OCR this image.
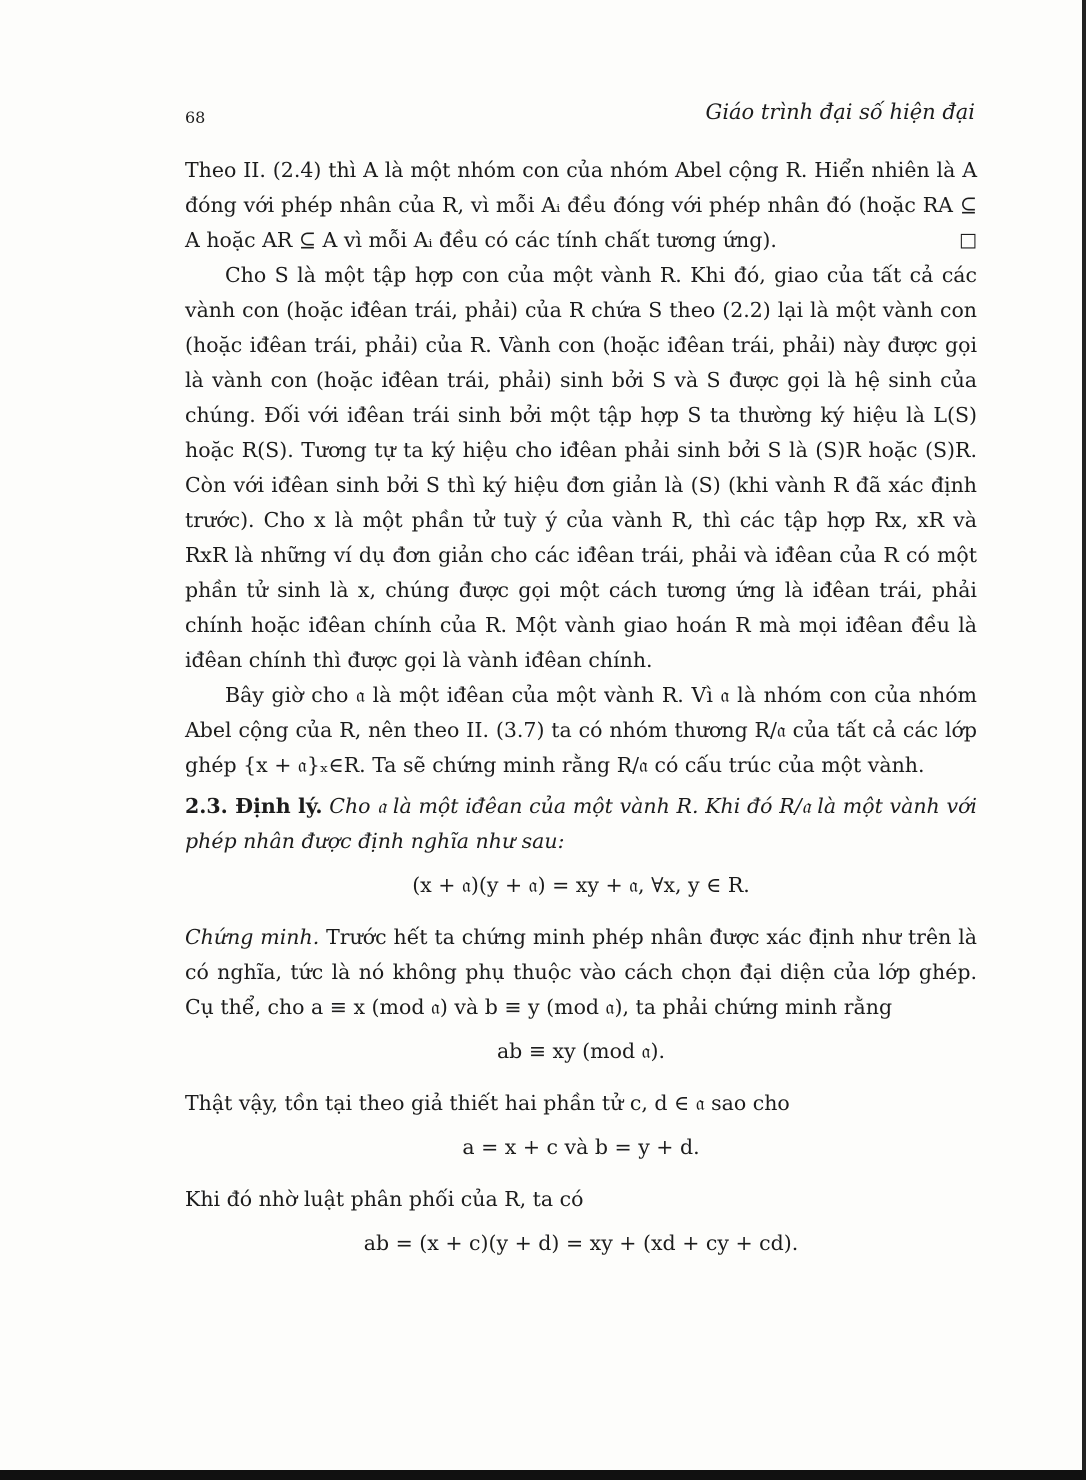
68	Giáo trình đại số hiện đại

Theo II. (2.4) thì A là một nhóm con của nhóm Abel cộng R. Hiển nhiên là A đóng với phép nhân của R, vì mỗi Aᵢ đều đóng với phép nhân đó (hoặc RA ⊆ A hoặc AR ⊆ A vì mỗi Aᵢ đều có các tính chất tương ứng).	□

Cho S là một tập hợp con của một vành R. Khi đó, giao của tất cả các vành con (hoặc iđêan trái, phải) của R chứa S theo (2.2) lại là một vành con (hoặc iđêan trái, phải) của R. Vành con (hoặc iđêan trái, phải) này được gọi là vành con (hoặc iđêan trái, phải) sinh bởi S và S được gọi là hệ sinh của chúng. Đối với iđêan trái sinh bởi một tập hợp S ta thường ký hiệu là L(S) hoặc R(S). Tương tự ta ký hiệu cho iđêan phải sinh bởi S là (S)R hoặc (S)R. Còn với iđêan sinh bởi S thì ký hiệu đơn giản là (S) (khi vành R đã xác định trước). Cho x là một phần tử tuỳ ý của vành R, thì các tập hợp Rx, xR và RxR là những ví dụ đơn giản cho các iđêan trái, phải và iđêan của R có một phần tử sinh là x, chúng được gọi một cách tương ứng là iđêan trái, phải chính hoặc iđêan chính của R. Một vành giao hoán R mà mọi iđêan đều là iđêan chính thì được gọi là vành iđêan chính.

Bây giờ cho 𝔞 là một iđêan của một vành R. Vì 𝔞 là nhóm con của nhóm Abel cộng của R, nên theo II. (3.7) ta có nhóm thương R/𝔞 của tất cả các lớp ghép {x + 𝔞}ₓ∈R. Ta sẽ chứng minh rằng R/𝔞 có cấu trúc của một vành.

2.3. Định lý. Cho 𝔞 là một iđêan của một vành R. Khi đó R/𝔞 là một vành với phép nhân được định nghĩa như sau:

(x + 𝔞)(y + 𝔞) = xy + 𝔞, ∀x, y ∈ R.

Chứng minh. Trước hết ta chứng minh phép nhân được xác định như trên là có nghĩa, tức là nó không phụ thuộc vào cách chọn đại diện của lớp ghép. Cụ thể, cho a ≡ x (mod 𝔞) và b ≡ y (mod 𝔞), ta phải chứng minh rằng

ab ≡ xy (mod 𝔞).

Thật vậy, tồn tại theo giả thiết hai phần tử c, d ∈ 𝔞 sao cho

a = x + c và b = y + d.

Khi đó nhờ luật phân phối của R, ta có

ab = (x + c)(y + d) = xy + (xd + cy + cd).
